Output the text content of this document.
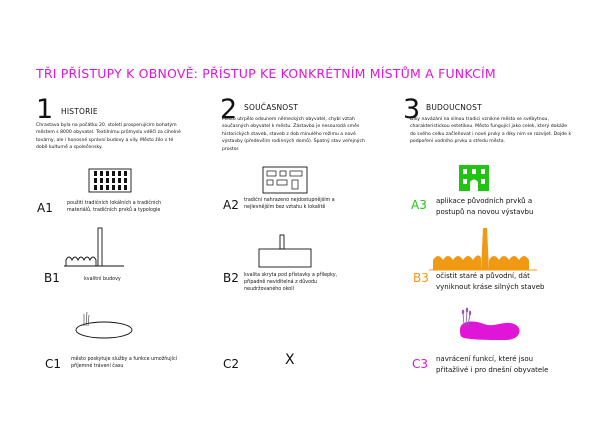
TŘI PŘÍSTUPY K OBNOVĚ: PŘÍSTUP KE KONKRÉTNÍM MÍSTŮM A FUNKCÍM
1 HISTORIE
Chrastava byla na počátku 20. století prosperujícím bohatým městem s 8000 obyvatel. Textilnímu průmyslu vděčí za cihelné továrny, ale i honosné správní budovy a vily. Město žilo v té době kulturně a společensky.
A1	použití tradičních lokálních a tradičních materiálů, tradičních prvků a typologie
B1	kvalitní budovy
C1 město poskytuje služby a funkce umožňující příjemné trávení času
2 SOUČASNOST
Město utrpělo odsunem německých obyvatel, chybí vztah současných obyvatel k městu. Zástavba je nesourodá směs historických staveb, staveb z dob minulého režimu a nové výstavby (především rodinných domů). Špatný stav veřejných prostor.
A2 tradiční nahrazeno nejdostupnějším a nejlevnějším bez vztahu k lokalitě
B2 kvalita skryta pod přístavky a přílepky, případně neviditelná z důvodu neudržovaného okolí
C2	X
3 BUDOUCNOST
Díky navázání na silnou tradici vznikne město se svébytnou, charakteristickou estetikou. Město fungující jako celek, který dokáže do svého celku začleňovat i nové prvky a díky nim se rozvíjet. Dojde k podpoření vodního prvku a středu města.
A3 aplikace původních prvků a postupů na novou výstavbu
B3 očistit staré a původní, dát vyniknout kráse silných staveb
C3 navrácení funkcí, které jsou přitažlivé i pro dnešní obyvatele
